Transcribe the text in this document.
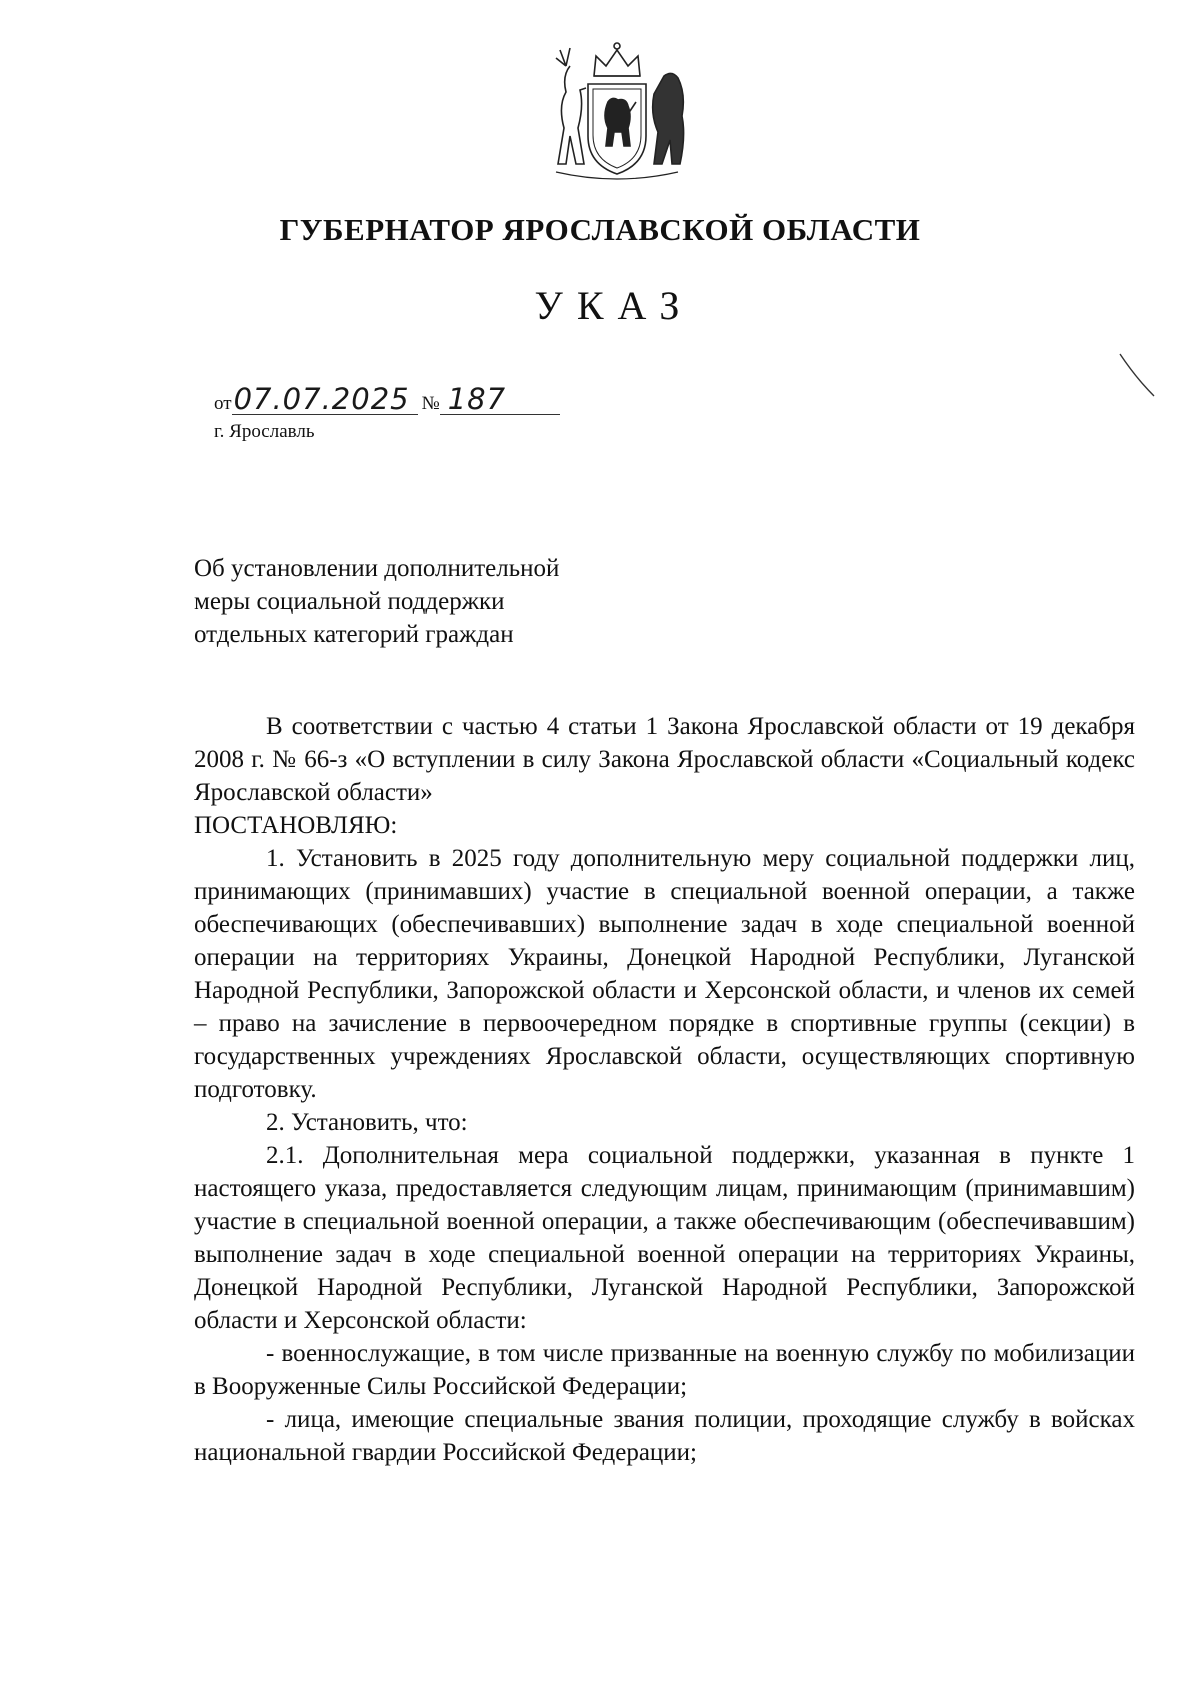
ГУБЕРНАТОР ЯРОСЛАВСКОЙ ОБЛАСТИ
УКАЗ
от 07.07.2025 № 187
г. Ярославль
Об установлении дополнительной
меры социальной поддержки
отдельных категорий граждан

В соответствии с частью 4 статьи 1 Закона Ярославской области от 19 декабря 2008 г. № 66-з «О вступлении в силу Закона Ярославской области «Социальный кодекс Ярославской области»

ПОСТАНОВЛЯЮ:

1. Установить в 2025 году дополнительную меру социальной поддержки лиц, принимающих (принимавших) участие в специальной военной операции, а также обеспечивающих (обеспечивавших) выполнение задач в ходе специальной военной операции на территориях Украины, Донецкой Народной Республики, Луганской Народной Республики, Запорожской области и Херсонской области, и членов их семей – право на зачисление в первоочередном порядке в спортивные группы (секции) в государственных учреждениях Ярославской области, осуществляющих спортивную подготовку.

2. Установить, что:

2.1. Дополнительная мера социальной поддержки, указанная в пункте 1 настоящего указа, предоставляется следующим лицам, принимающим (принимавшим) участие в специальной военной операции, а также обеспечивающим (обеспечивавшим) выполнение задач в ходе специальной военной операции на территориях Украины, Донецкой Народной Республики, Луганской Народной Республики, Запорожской области и Херсонской области:

- военнослужащие, в том числе призванные на военную службу по мобилизации в Вооруженные Силы Российской Федерации;

- лица, имеющие специальные звания полиции, проходящие службу в войсках национальной гвардии Российской Федерации;
